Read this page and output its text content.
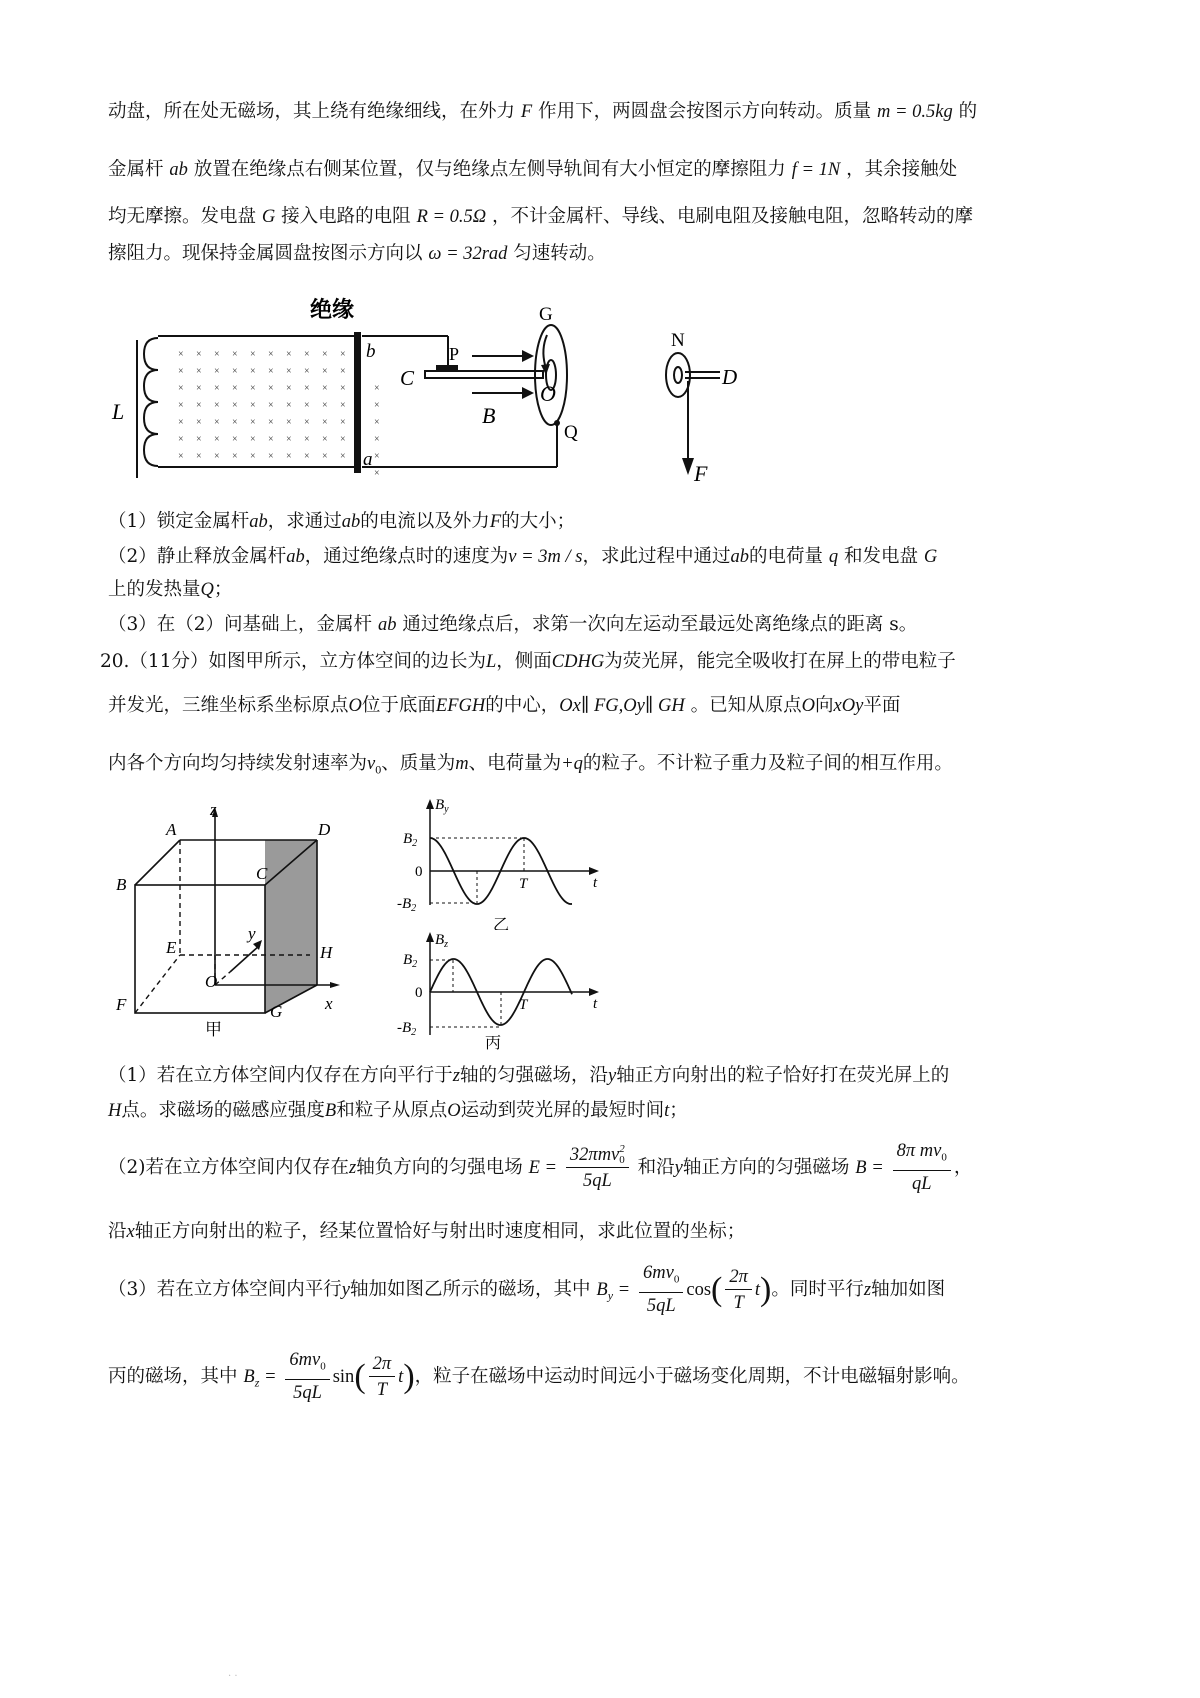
动盘，所在处无磁场，其上绕有绝缘细线，在外力 F 作用下，两圆盘会按图示方向转动。质量 m = 0.5kg 的
金属杆 ab 放置在绝缘点右侧某位置，仅与绝缘点左侧导轨间有大小恒定的摩擦阻力 f = 1N ，其余接触处
均无摩擦。发电盘 G 接入电路的电阻 R = 0.5Ω ，不计金属杆、导线、电刷电阻及接触电阻，忽略转动的摩
擦阻力。现保持金属圆盘按图示方向以 ω = 32rad 匀速转动。
× × × × × × × × × ×
× × × × × × × × × ×
× × × × × × × × × ×
× × × × × × × × × ×
× × × × × × × × × ×
× × × × × × × × × ×
× × × × × × × × × ×
×
×
×
×
×
×
绝缘
L
b
a
P
C
G
O
Q
B
N
D
F
（1）锁定金属杆ab，求通过ab的电流以及外力F的大小；
（2）静止释放金属杆ab，通过绝缘点时的速度为v = 3m / s，求此过程中通过ab的电荷量 q 和发电盘 G
上的发热量Q；
（3）在（2）问基础上，金属杆 ab 通过绝缘点后，求第一次向左运动至最远处离绝缘点的距离 s。
20.（11分）如图甲所示，立方体空间的边长为L，侧面CDHG为荧光屏，能完全吸收打在屏上的带电粒子
并发光，三维坐标系坐标原点O位于底面EFGH的中心，Ox∥ FG,Oy∥ GH 。已知从原点O向xOy平面
内各个方向均匀持续发射速率为$v_0$、质量为m、电荷量为+q的粒子。不计粒子重力及粒子间的相互作用。
z
A	D
B
C
E
y
H
O
x
F	G
甲
$B_y$
$B_2$
0
$-B_2$
T	t
乙
$B_z$
$B_2$
0
$-B_2$
T	t
丙
（1）若在立方体空间内仅存在方向平行于z轴的匀强磁场，沿y轴正方向射出的粒子恰好打在荧光屏上的
H点。求磁场的磁感应强度B和粒子从原点O运动到荧光屏的最短时间t；
（2)若在立方体空间内仅存在z轴负方向的匀强电场 E = 32πmv 2
0
5qL 和沿y轴正方向的匀强磁场 $B = \frac{8\pi mv_0}{qL}$ ，
沿x轴正方向射出的粒子，经某位置恰好与射出时速度相同，求此位置的坐标；
（3）若在立方体空间内平行y轴加如图乙所示的磁场，其中 $B_y = \frac{6mv_0}{5qL} \cos( \frac{2\pi}{T} t)$。同时平行z轴加如图
丙的磁场，其中 $B_z = \frac{6mv_0}{5qL} \sin( \frac{2\pi}{T} t)$，粒子在磁场中运动时间远小于磁场变化周期，不计电磁辐射影响。
. .
